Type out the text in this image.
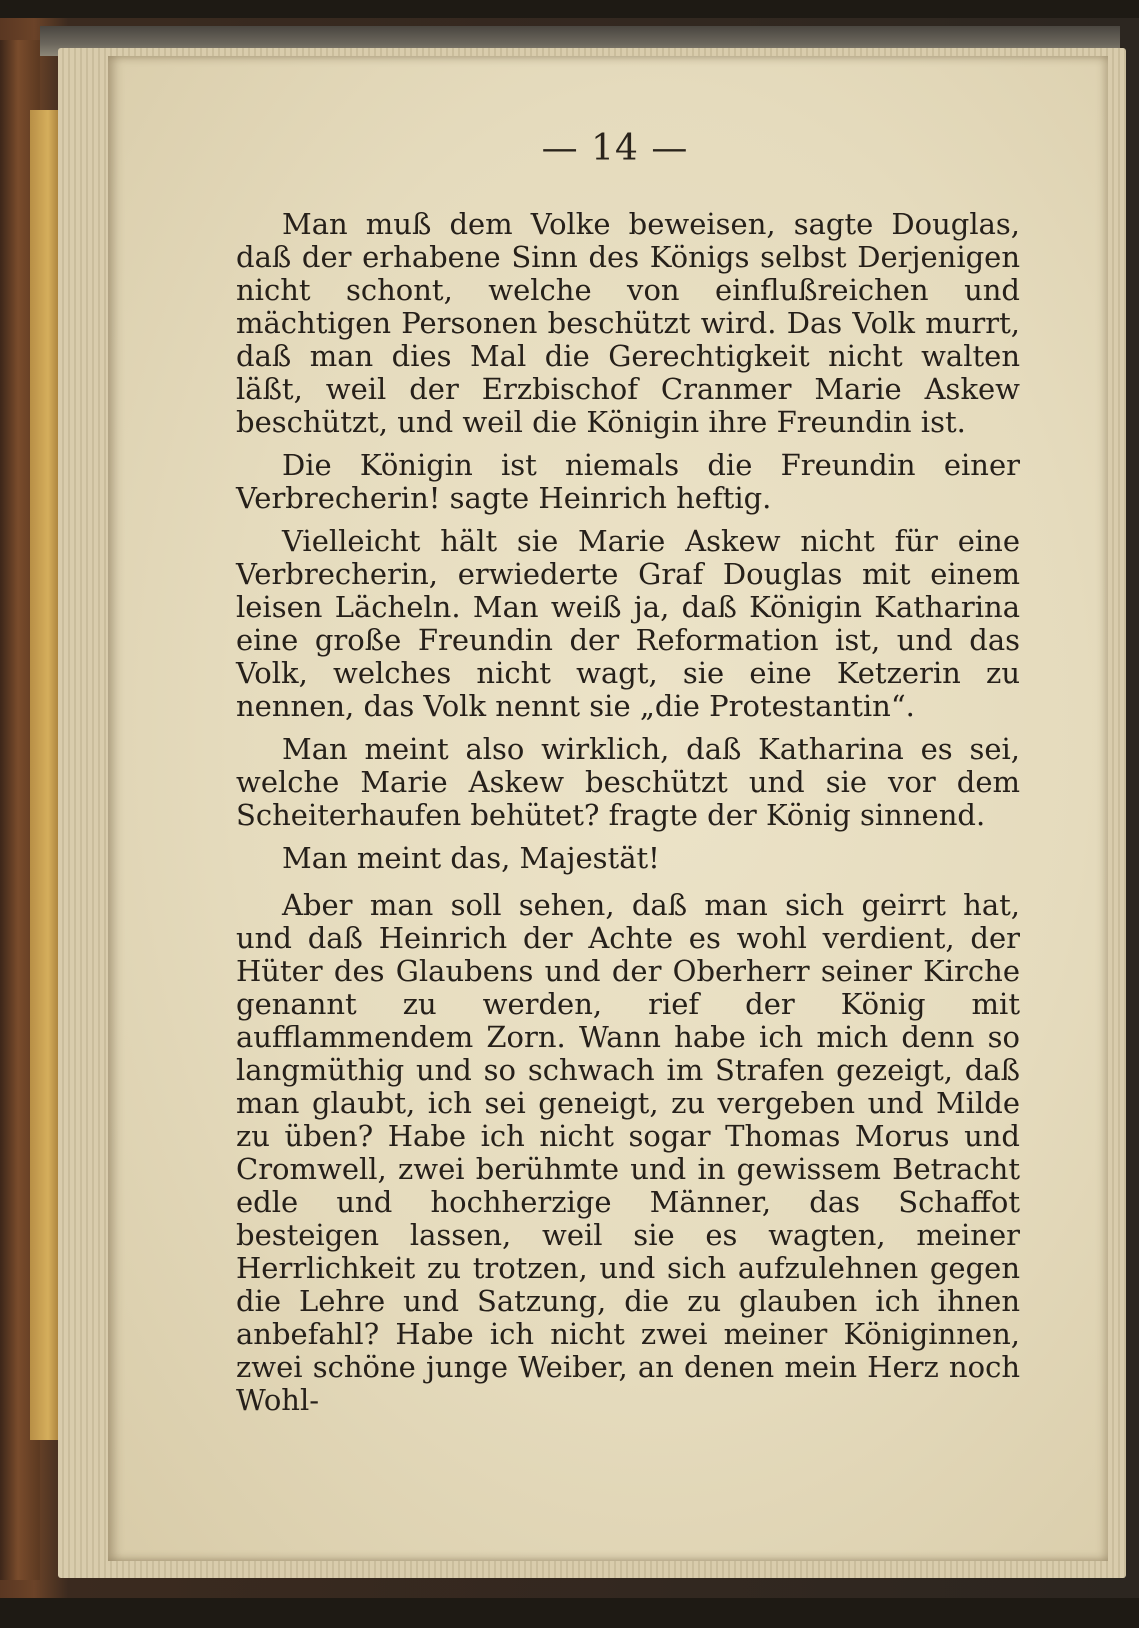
— 14 —

Man muß dem Volke beweisen, sagte Douglas, daß der erhabene Sinn des Königs selbst Derjenigen nicht schont, welche von einflußreichen und mächtigen Personen beschützt wird. Das Volk murrt, daß man dies Mal die Gerechtigkeit nicht walten läßt, weil der Erzbischof Cranmer Marie Askew beschützt, und weil die Königin ihre Freundin ist.

Die Königin ist niemals die Freundin einer Verbrecherin! sagte Heinrich heftig.

Vielleicht hält sie Marie Askew nicht für eine Verbrecherin, erwiederte Graf Douglas mit einem leisen Lächeln. Man weiß ja, daß Königin Katharina eine große Freundin der Reformation ist, und das Volk, welches nicht wagt, sie eine Ketzerin zu nennen, das Volk nennt sie „die Protestantin“.

Man meint also wirklich, daß Katharina es sei, welche Marie Askew beschützt und sie vor dem Scheiterhaufen behütet? fragte der König sinnend.

Man meint das, Majestät!

Aber man soll sehen, daß man sich geirrt hat, und daß Heinrich der Achte es wohl verdient, der Hüter des Glaubens und der Oberherr seiner Kirche genannt zu werden, rief der König mit aufflammendem Zorn. Wann habe ich mich denn so langmüthig und so schwach im Strafen gezeigt, daß man glaubt, ich sei geneigt, zu vergeben und Milde zu üben? Habe ich nicht sogar Thomas Morus und Cromwell, zwei berühmte und in gewissem Betracht edle und hochherzige Männer, das Schaffot besteigen lassen, weil sie es wagten, meiner Herrlichkeit zu trotzen, und sich aufzulehnen gegen die Lehre und Satzung, die zu glauben ich ihnen anbefahl? Habe ich nicht zwei meiner Königinnen, zwei schöne junge Weiber, an denen mein Herz noch Wohl-
